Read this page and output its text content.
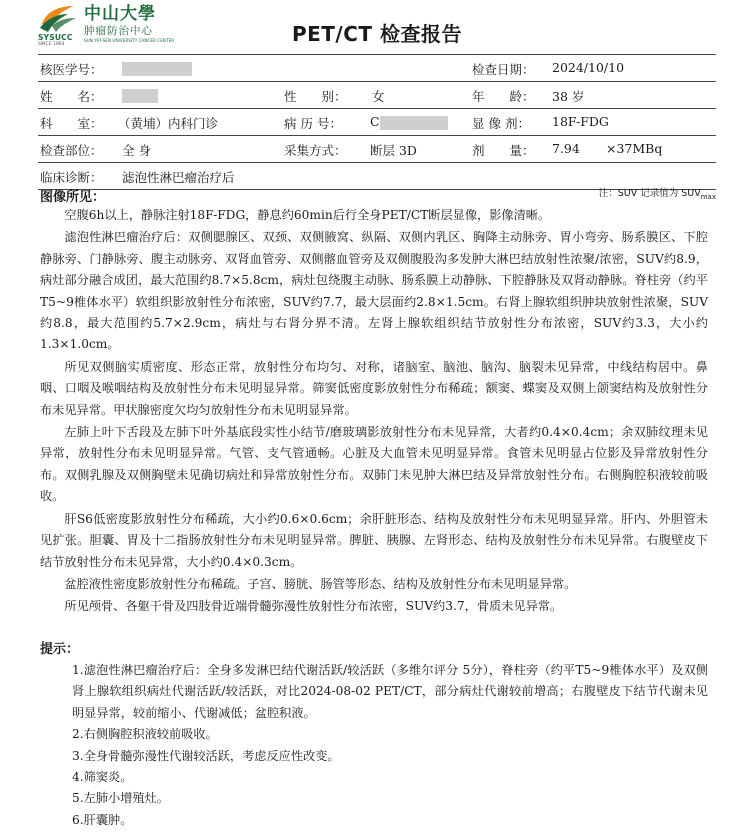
SYSUCC
SINCE 1964
中山大學
肿瘤防治中心
SUN YAT-SEN UNIVERSITY CANCER CENTER	PET/CT 检查报告
核医学号：	检查日期： 2024/10/10
姓　　名：	性　　别： 女	年　　龄： 38 岁
科　　室： （黄埔）内科门诊	病 历 号： C	显 像 剂： 18F-FDG
检查部位： 全 身	采集方式： 断层 3D	剂　　量： 7.94 ×37MBq
临床诊断： 滤泡性淋巴瘤治疗后
图像所见：	注：SUV 记录值为 $SUV_{max}$

空腹6h以上，静脉注射18F-FDG，静息约60min后行全身PET/CT断层显像，影像清晰。

滤泡性淋巴瘤治疗后：双侧腮腺区、双颈、双侧腋窝、纵隔、双侧内乳区、胸降主动脉旁、胃小弯旁、肠系膜区、下腔静脉旁、门静脉旁、腹主动脉旁、双肾血管旁、双侧髂血管旁及双侧腹股沟多发肿大淋巴结放射性浓聚/浓密，SUV约8.9，病灶部分融合成团，最大范围约8.7×5.8cm，病灶包绕腹主动脉、肠系膜上动静脉、下腔静脉及双肾动静脉。脊柱旁（约平T5~9椎体水平）软组织影放射性分布浓密，SUV约7.7，最大层面约2.8×1.5cm。右肾上腺软组织肿块放射性浓聚，SUV约8.8，最大范围约5.7×2.9cm，病灶与右肾分界不清。左肾上腺软组织结节放射性分布浓密，SUV约3.3，大小约1.3×1.0cm。

所见双侧脑实质密度、形态正常，放射性分布均匀、对称，诸脑室、脑池、脑沟、脑裂未见异常，中线结构居中。鼻咽、口咽及喉咽结构及放射性分布未见明显异常。筛窦低密度影放射性分布稀疏；额窦、蝶窦及双侧上颌窦结构及放射性分布未见异常。甲状腺密度欠均匀放射性分布未见明显异常。

左肺上叶下舌段及左肺下叶外基底段实性小结节/磨玻璃影放射性分布未见异常，大者约0.4×0.4cm；余双肺纹理未见异常，放射性分布未见明显异常。气管、支气管通畅。心脏及大血管未见明显异常。食管未见明显占位影及异常放射性分布。双侧乳腺及双侧胸壁未见确切病灶和异常放射性分布。双肺门未见肿大淋巴结及异常放射性分布。右侧胸腔积液较前吸收。

肝S6低密度影放射性分布稀疏，大小约0.6×0.6cm；余肝脏形态、结构及放射性分布未见明显异常。肝内、外胆管未见扩张。胆囊、胃及十二指肠放射性分布未见明显异常。脾脏、胰腺、左肾形态、结构及放射性分布未见异常。右腹壁皮下结节放射性分布未见异常，大小约0.4×0.3cm。

盆腔液性密度影放射性分布稀疏。子宫、膀胱、肠管等形态、结构及放射性分布未见明显异常。

所见颅骨、各躯干骨及四肢骨近端骨髓弥漫性放射性分布浓密，SUV约3.7，骨质未见异常。

提示：
1.滤泡性淋巴瘤治疗后：全身多发淋巴结代谢活跃/较活跃（多维尔评分 5分），脊柱旁（约平T5~9椎体水平）及双侧肾上腺软组织病灶代谢活跃/较活跃，对比2024-08-02 PET/CT，部分病灶代谢较前增高；右腹壁皮下结节代谢未见明显异常，较前缩小、代谢减低；盆腔积液。
2.右侧胸腔积液较前吸收。
3.全身骨髓弥漫性代谢较活跃，考虑反应性改变。
4.筛窦炎。
5.左肺小增殖灶。
6.肝囊肿。
